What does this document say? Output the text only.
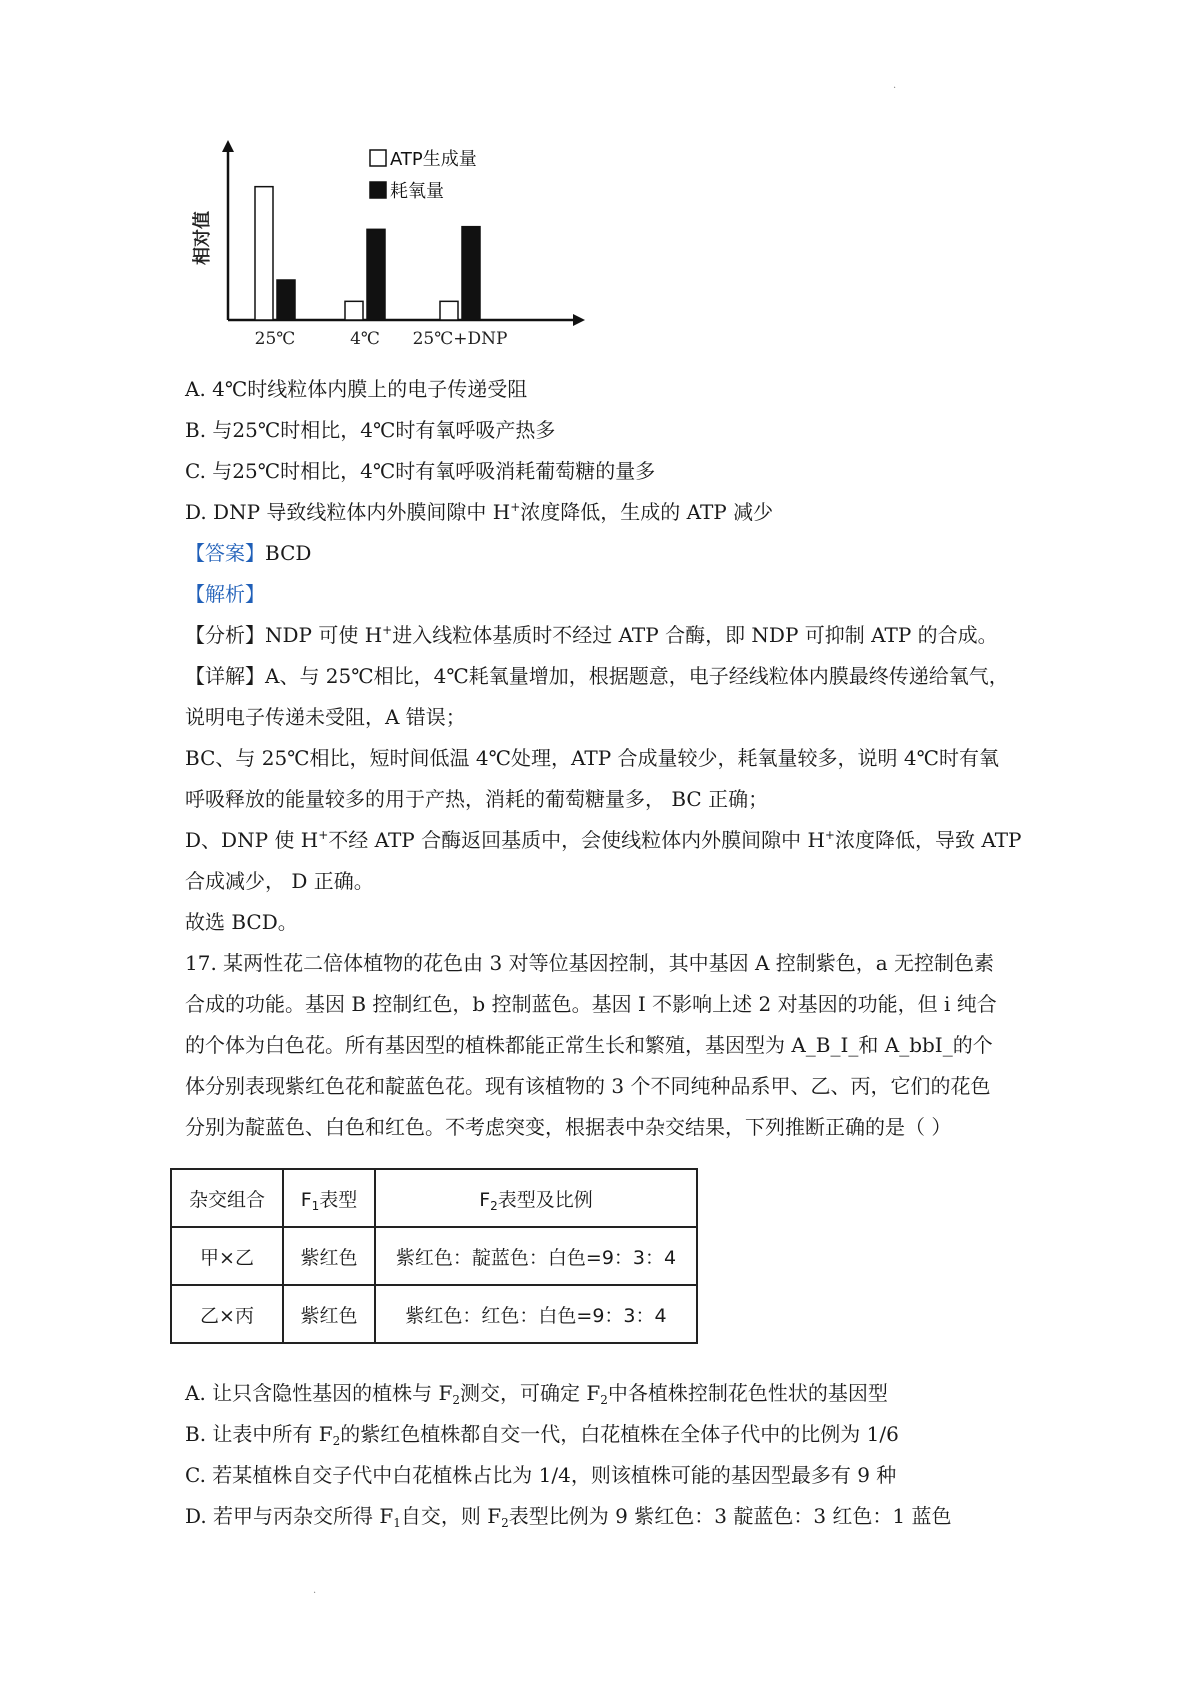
.
相对值
ATP生成量
耗氧量
25℃	4℃ 25℃+DNP
A. 4℃时线粒体内膜上的电子传递受阻
B. 与25℃时相比，4℃时有氧呼吸产热多
C. 与25℃时相比，4℃时有氧呼吸消耗葡萄糖的量多
D. DNP 导致线粒体内外膜间隙中 H+浓度降低，生成的 ATP 减少
【答案】BCD
【解析】
【分析】NDP 可使 H+进入线粒体基质时不经过 ATP 合酶，即 NDP 可抑制 ATP 的合成。
【详解】A、与 25℃相比，4℃耗氧量增加，根据题意，电子经线粒体内膜最终传递给氧气，
说明电子传递未受阻，A 错误；
BC、与 25℃相比，短时间低温 4℃处理，ATP 合成量较少，耗氧量较多，说明 4℃时有氧
呼吸释放的能量较多的用于产热，消耗的葡萄糖量多， BC 正确；
D、DNP 使 H+不经 ATP 合酶返回基质中，会使线粒体内外膜间隙中 H+浓度降低，导致 ATP
合成减少， D 正确。
故选 BCD。
17. 某两性花二倍体植物的花色由 3 对等位基因控制，其中基因 A 控制紫色，a 无控制色素
合成的功能。基因 B 控制红色，b 控制蓝色。基因 I 不影响上述 2 对基因的功能，但 i 纯合
的个体为白色花。所有基因型的植株都能正常生长和繁殖，基因型为 A_B_I_和 A_bbI_的个
体分别表现紫红色花和靛蓝色花。现有该植物的 3 个不同纯种品系甲、乙、丙，它们的花色
分别为靛蓝色、白色和红色。不考虑突变，根据表中杂交结果，下列推断正确的是（ ）
杂交组合	$F_1$表型	$F_2$表型及比例
甲×乙	紫红色	紫红色：靛蓝色：白色=9：3：4
乙×丙	紫红色	紫红色：红色：白色=9：3：4
A. 让只含隐性基因的植株与 $F_2$测交，可确定 $F_2$中各植株控制花色性状的基因型
B. 让表中所有 $F_2$的紫红色植株都自交一代，白花植株在全体子代中的比例为 1/6
C. 若某植株自交子代中白花植株占比为 1/4，则该植株可能的基因型最多有 9 种
D. 若甲与丙杂交所得 $F_1$自交，则 $F_2$表型比例为 9 紫红色：3 靛蓝色：3 红色：1 蓝色
.
